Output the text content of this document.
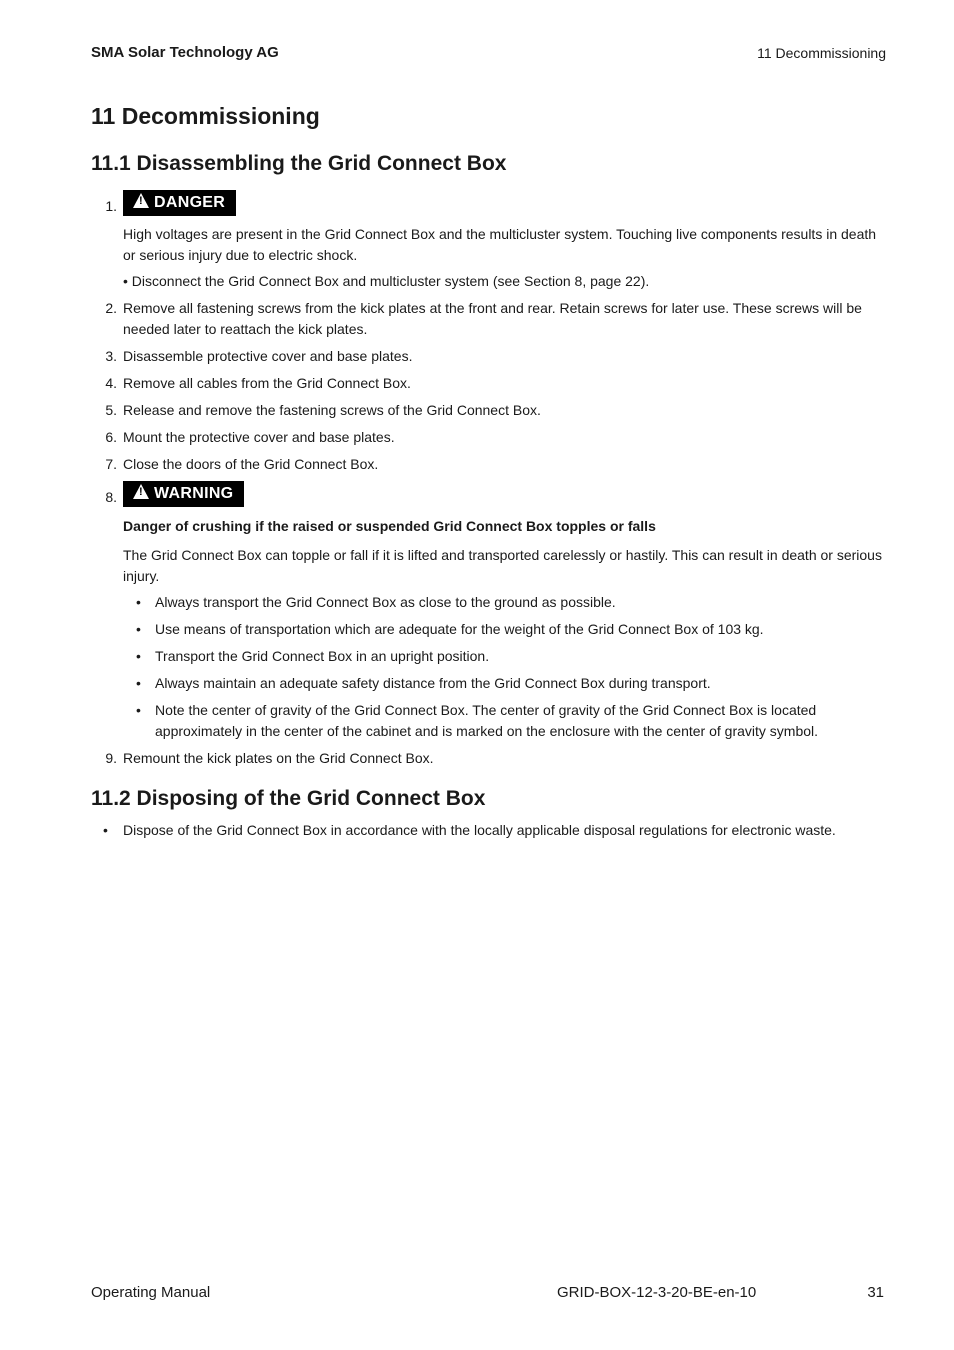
SMA Solar Technology AG	11 Decommissioning
11 Decommissioning
11.1 Disassembling the Grid Connect Box
1. ! DANGER
High voltages are present in the Grid Connect Box and the multicluster system. Touching live components results in death or serious injury due to electric shock.
• Disconnect the Grid Connect Box and multicluster system (see Section 8, page 22).
2. Remove all fastening screws from the kick plates at the front and rear. Retain screws for later use. These screws will be needed later to reattach the kick plates.
3. Disassemble protective cover and base plates.
4. Remove all cables from the Grid Connect Box.
5. Release and remove the fastening screws of the Grid Connect Box.
6. Mount the protective cover and base plates.
7. Close the doors of the Grid Connect Box.
8. ! WARNING
Danger of crushing if the raised or suspended Grid Connect Box topples or falls
The Grid Connect Box can topple or fall if it is lifted and transported carelessly or hastily. This can result in death or serious injury.
• Always transport the Grid Connect Box as close to the ground as possible.
• Use means of transportation which are adequate for the weight of the Grid Connect Box of 103 kg.
• Transport the Grid Connect Box in an upright position.
• Always maintain an adequate safety distance from the Grid Connect Box during transport.
• Note the center of gravity of the Grid Connect Box. The center of gravity of the Grid Connect Box is located approximately in the center of the cabinet and is marked on the enclosure with the center of gravity symbol.
9. Remount the kick plates on the Grid Connect Box.
11.2 Disposing of the Grid Connect Box
• Dispose of the Grid Connect Box in accordance with the locally applicable disposal regulations for electronic waste.
Operating Manual	GRID-BOX-12-3-20-BE-en-10	31
